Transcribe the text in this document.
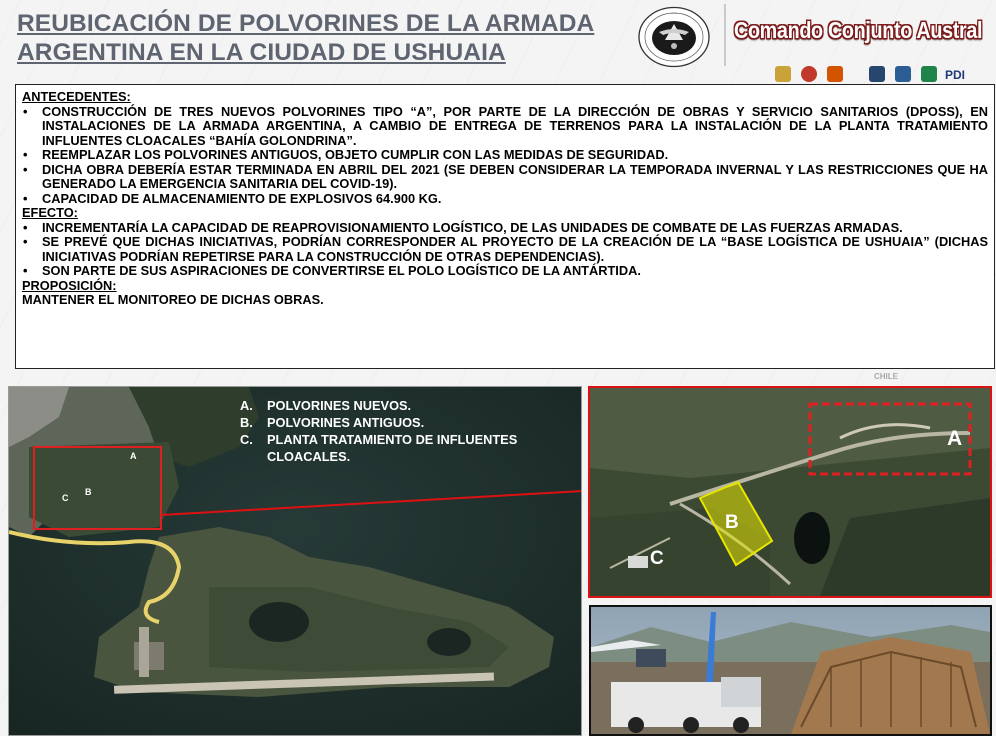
CHILE
REUBICACIÓN DE POLVORINES DE LA ARMADA ARGENTINA EN LA CIUDAD DE USHUAIA
·····
Comando Conjunto Austral
PDI
ANTECEDENTES:
• CONSTRUCCIÓN DE TRES NUEVOS POLVORINES TIPO “A”, POR PARTE DE LA DIRECCIÓN DE OBRAS Y SERVICIO SANITARIOS (DPOSS), EN INSTALACIONES DE LA ARMADA ARGENTINA, A CAMBIO DE ENTREGA DE TERRENOS PARA LA INSTALACIÓN DE LA PLANTA TRATAMIENTO INFLUENTES CLOACALES “BAHÍA GOLONDRINA”.
• REEMPLAZAR LOS POLVORINES ANTIGUOS, OBJETO CUMPLIR CON LAS MEDIDAS DE SEGURIDAD.
• DICHA OBRA DEBERÍA ESTAR TERMINADA EN ABRIL DEL 2021 (SE DEBEN CONSIDERAR LA TEMPORADA INVERNAL Y LAS RESTRICCIONES QUE HA GENERADO LA EMERGENCIA SANITARIA DEL COVID-19).
• CAPACIDAD DE ALMACENAMIENTO DE EXPLOSIVOS 64.900 KG.
EFECTO:
• INCREMENTARÍA LA CAPACIDAD DE REAPROVISIONAMIENTO LOGÍSTICO, DE LAS UNIDADES DE COMBATE DE LAS FUERZAS ARMADAS.
• SE PREVÉ QUE DICHAS INICIATIVAS, PODRÍAN CORRESPONDER AL PROYECTO DE LA CREACIÓN DE LA “BASE LOGÍSTICA DE USHUAIA” (DICHAS INICIATIVAS PODRÍAN REPETIRSE PARA LA CONSTRUCCIÓN DE OTRAS DEPENDENCIAS).
• SON PARTE DE SUS ASPIRACIONES DE CONVERTIRSE EL POLO LOGÍSTICO DE LA ANTÁRTIDA.
PROPOSICIÓN:
MANTENER EL MONITOREO DE DICHAS OBRAS.
A
B
C
A. POLVORINES NUEVOS.
B. POLVORINES ANTIGUOS.
C. PLANTA TRATAMIENTO DE INFLUENTES CLOACALES.
A
B
C
